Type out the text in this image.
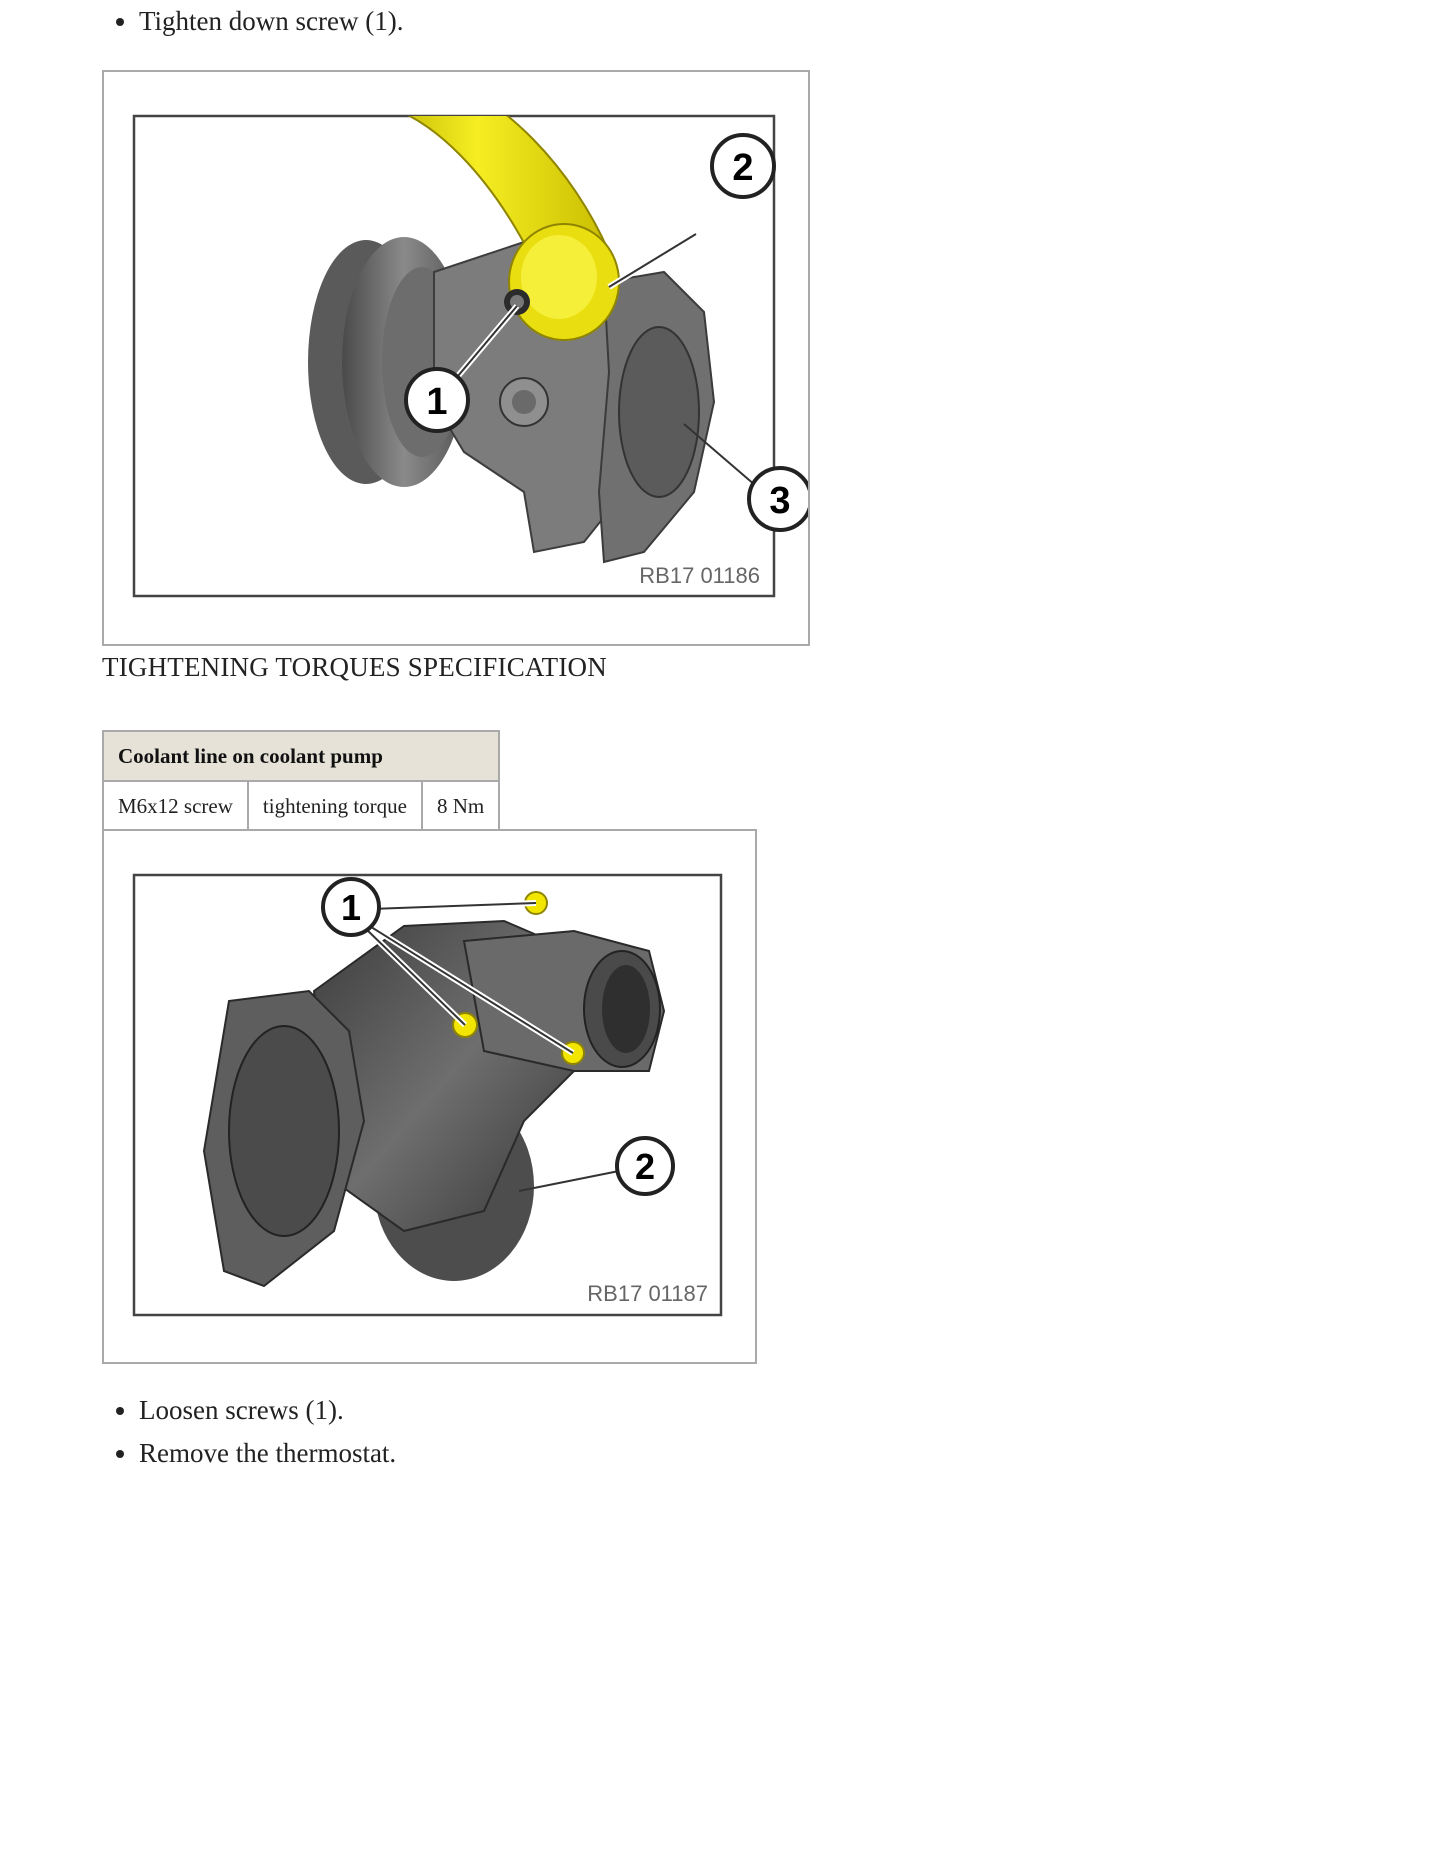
• Tighten down screw (1).
1
2
3
RB17 01186
TIGHTENING TORQUES SPECIFICATION
Coolant line on coolant pump
M6x12 screw	tightening torque	8 Nm
1
2
RB17 01187
• Loosen screws (1).
• Remove the thermostat.
